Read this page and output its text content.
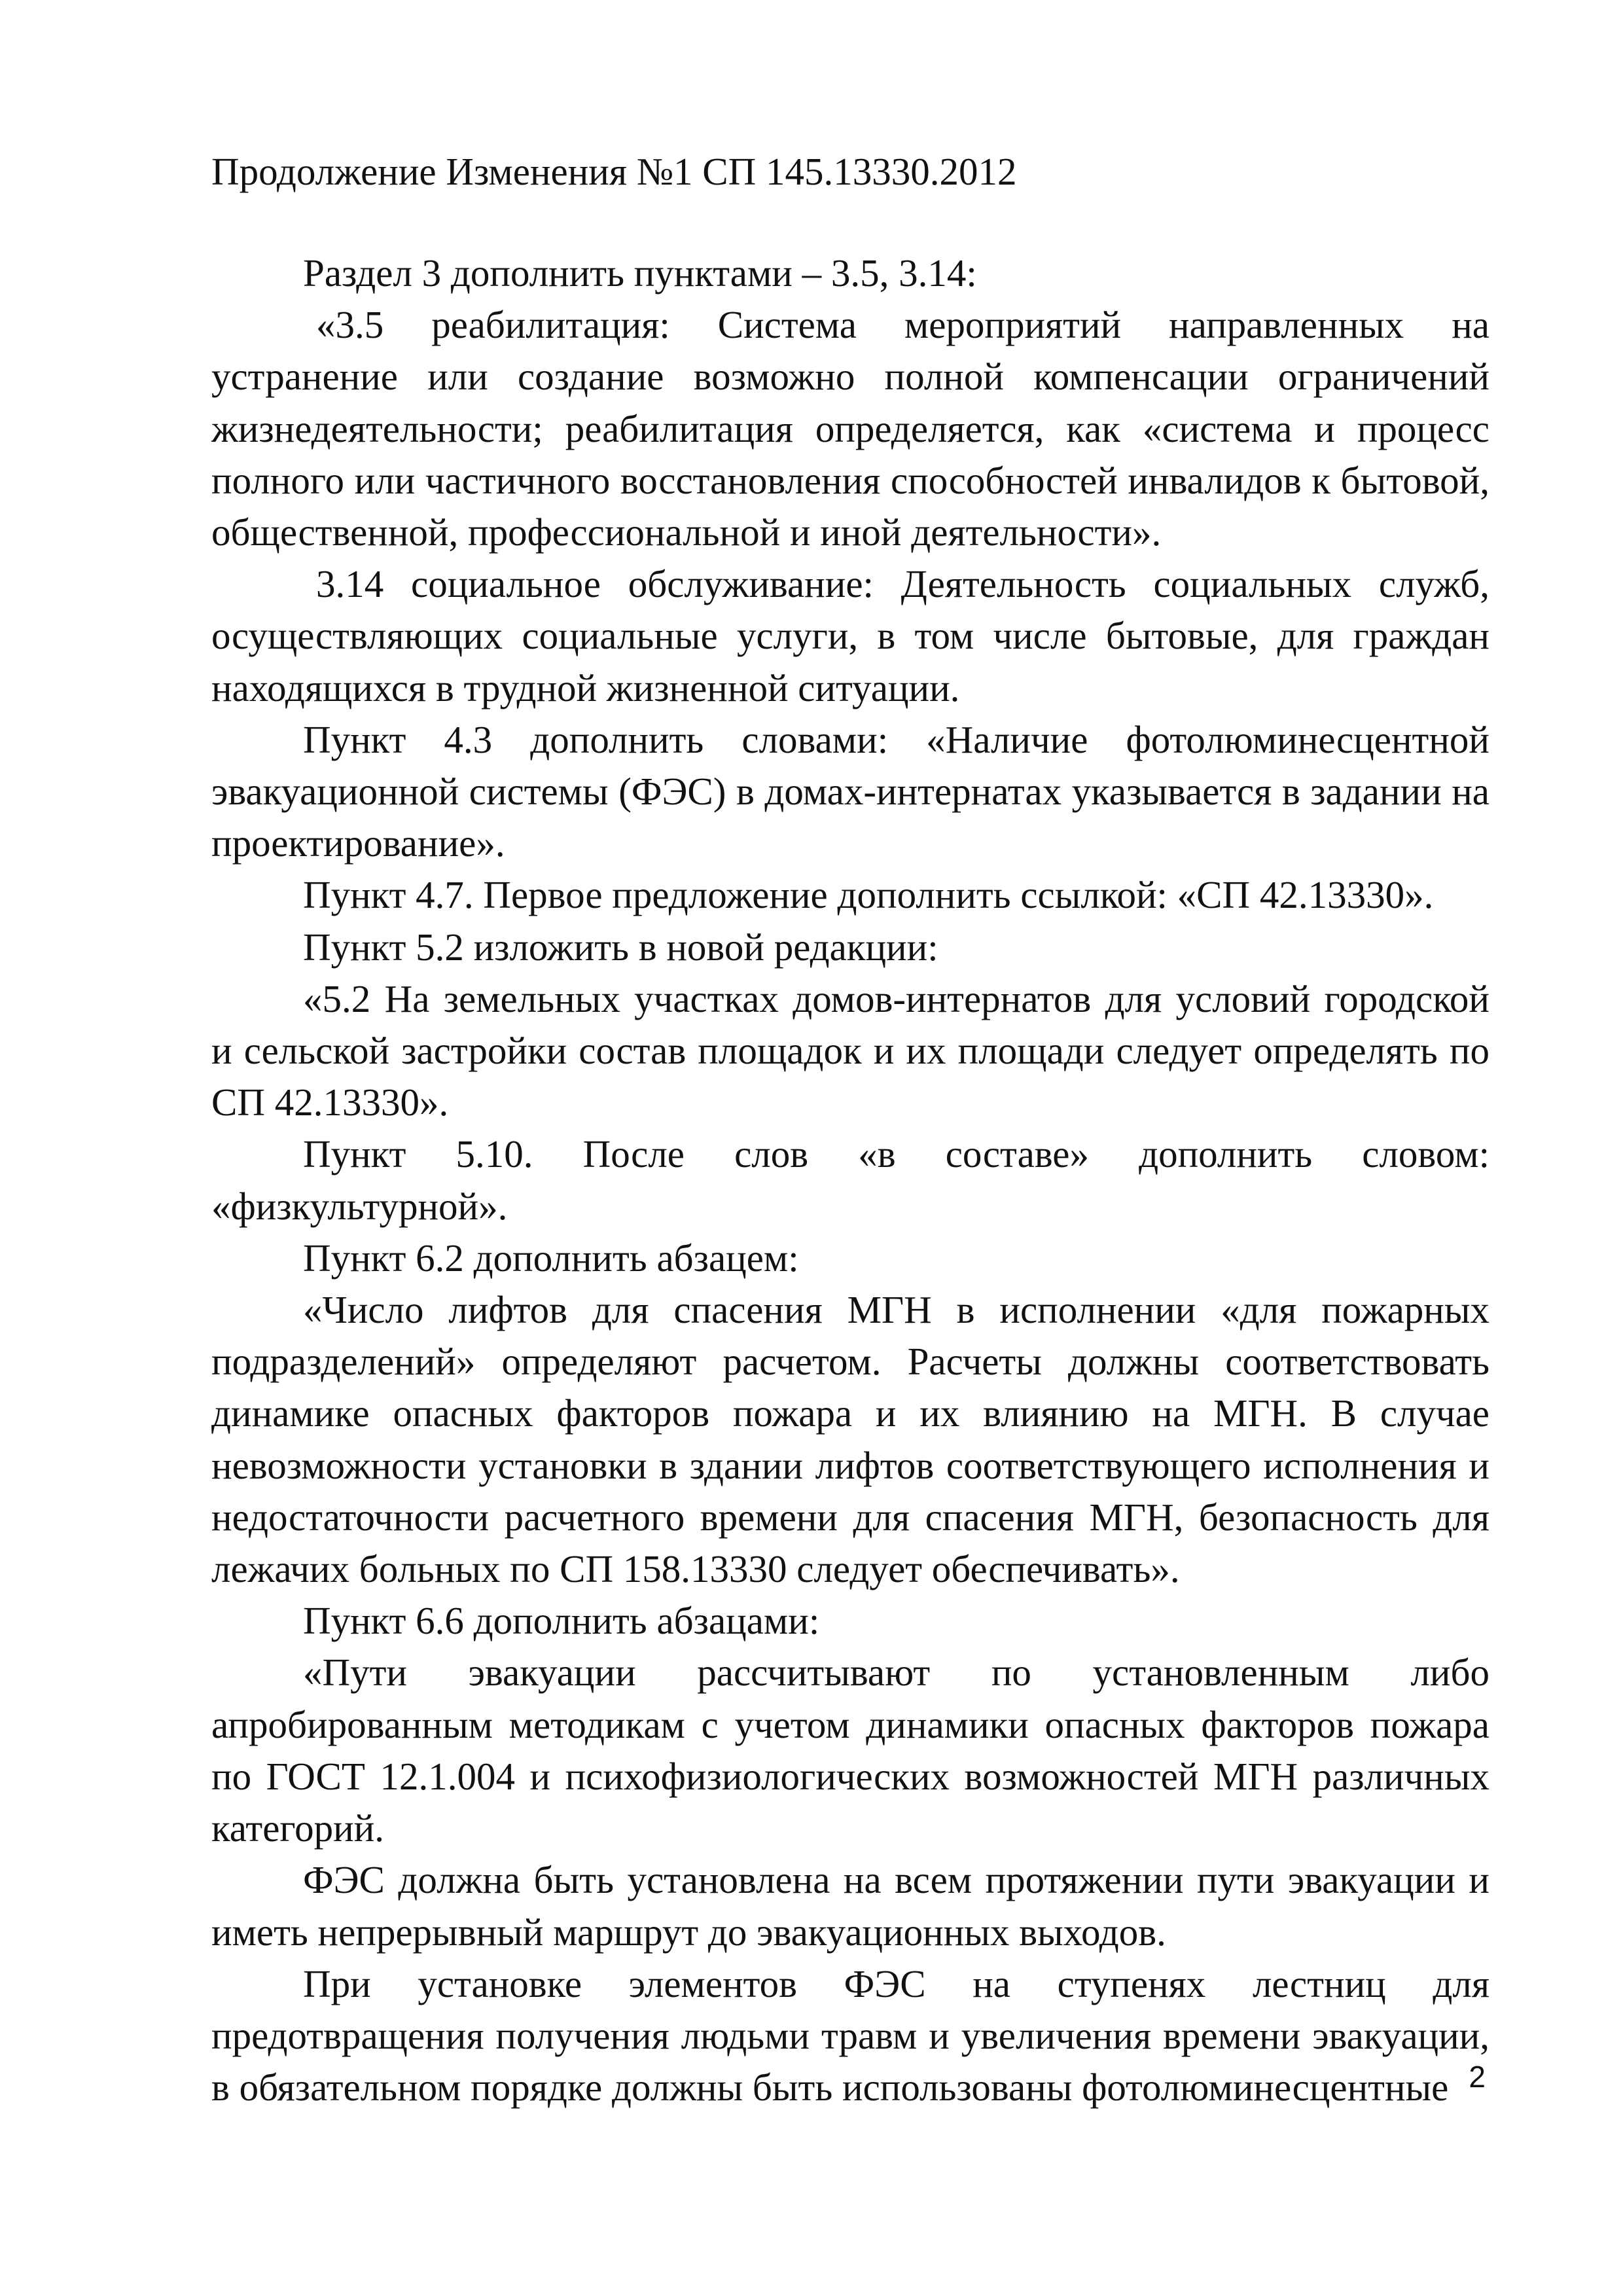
Продолжение Изменения №1 СП 145.13330.2012

Раздел 3 дополнить пунктами – 3.5, 3.14:

«3.5 реабилитация: Система мероприятий направленных на устранение или создание возможно полной компенсации ограничений жизнедеятельности; реабилитация определяется, как «система и процесс полного или частичного восстановления способностей инвалидов к бытовой, общественной, профессиональной и иной деятельности».

3.14 социальное обслуживание: Деятельность социальных служб, осуществляющих социальные услуги, в том числе бытовые, для граждан находящихся в трудной жизненной ситуации.

Пункт 4.3 дополнить словами: «Наличие фотолюминесцентной эвакуационной системы (ФЭС) в домах-интернатах указывается в задании на проектирование».

Пункт 4.7. Первое предложение дополнить ссылкой: «СП 42.13330».

Пункт 5.2 изложить в новой редакции:

«5.2 На земельных участках домов-интернатов для условий городской и сельской застройки состав площадок и их площади следует определять по СП 42.13330».

Пункт 5.10. После слов «в составе» дополнить словом: «физкультурной».

Пункт 6.2 дополнить абзацем:

«Число лифтов для спасения МГН в исполнении «для пожарных подразделений» определяют расчетом. Расчеты должны соответствовать динамике опасных факторов пожара и их влиянию на МГН. В случае невозможности установки в здании лифтов соответствующего исполнения и недостаточности расчетного времени для спасения МГН, безопасность для лежачих больных по СП 158.13330 следует обеспечивать».

Пункт 6.6 дополнить абзацами:

«Пути эвакуации рассчитывают по установленным либо апробированным методикам с учетом динамики опасных факторов пожара по ГОСТ 12.1.004 и психофизиологических возможностей МГН различных категорий.

ФЭС должна быть установлена на всем протяжении пути эвакуации и иметь непрерывный маршрут до эвакуационных выходов.

При установке элементов ФЭС на ступенях лестниц для предотвращения получения людьми травм и увеличения времени эвакуации, в обязательном порядке должны быть использованы фотолюминесцентные 2
